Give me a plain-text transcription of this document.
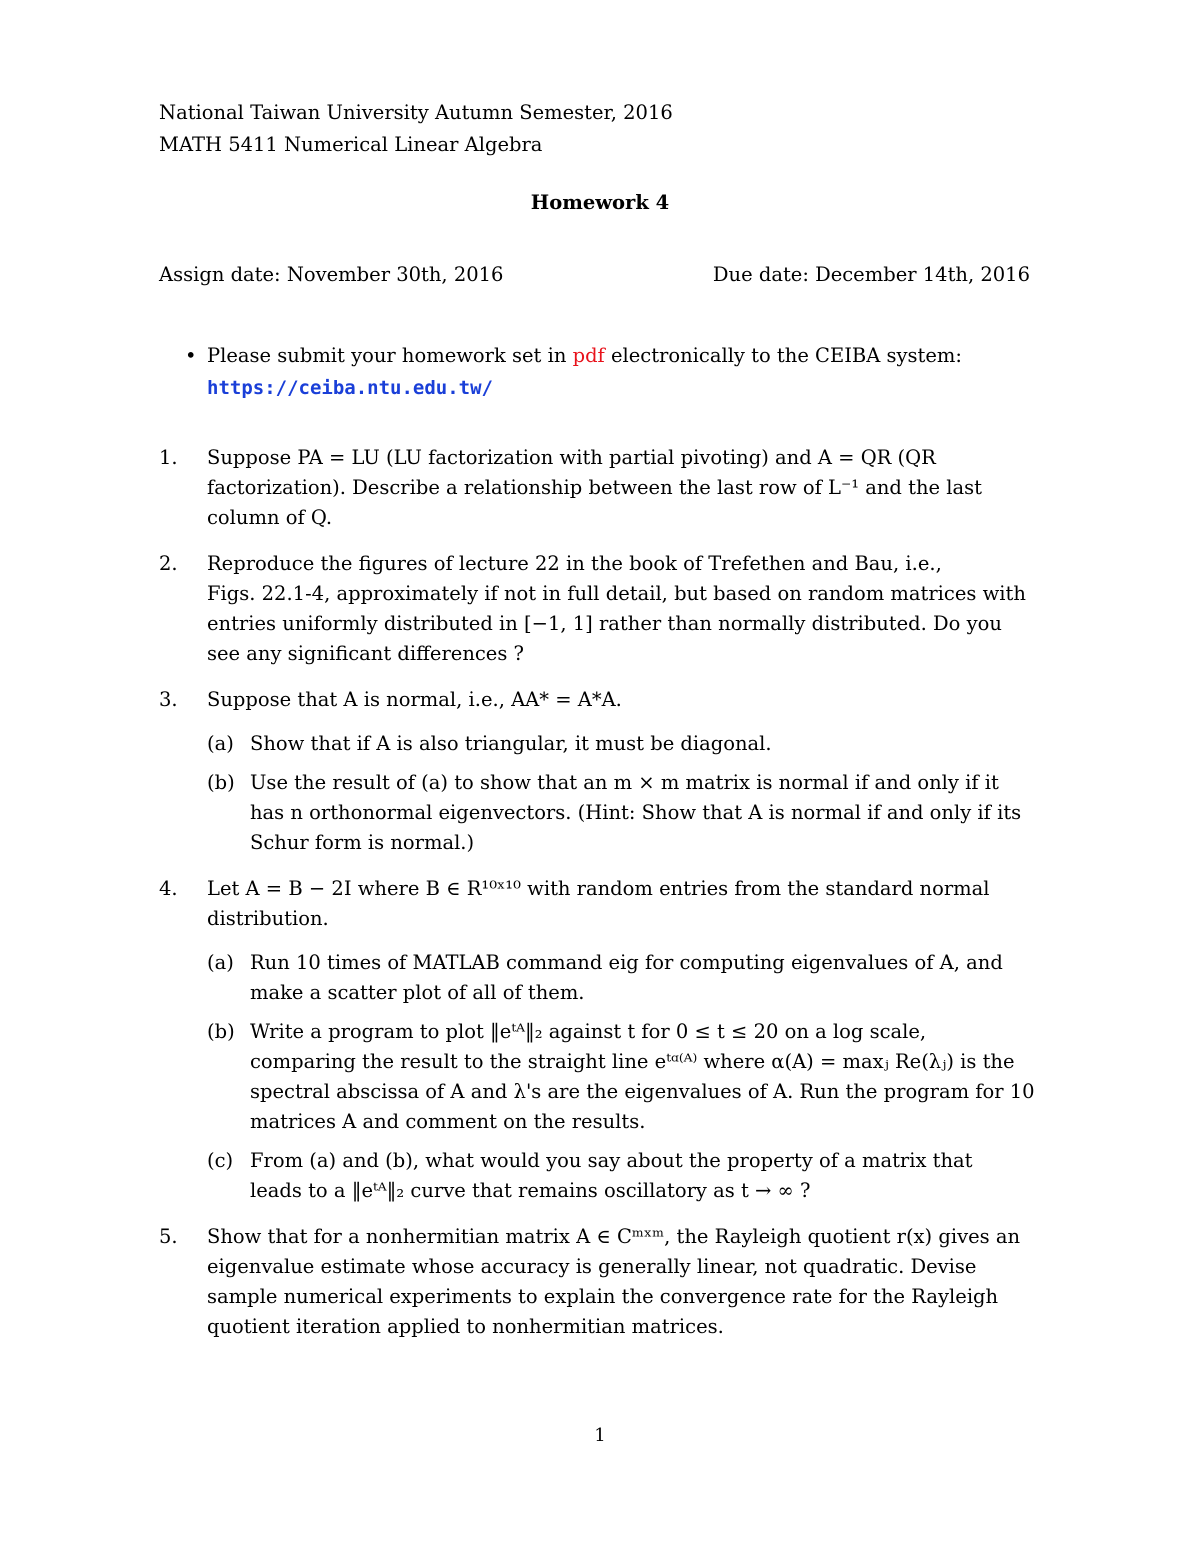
National Taiwan University Autumn Semester, 2016
MATH 5411 Numerical Linear Algebra
Homework 4
Assign date: November 30th, 2016	Due date: December 14th, 2016
• Please submit your homework set in pdf electronically to the CEIBA system:
https://ceiba.ntu.edu.tw/
1. Suppose PA = LU (LU factorization with partial pivoting) and A = QR (QR
factorization). Describe a relationship between the last row of L⁻¹ and the last
column of Q.
2. Reproduce the figures of lecture 22 in the book of Trefethen and Bau, i.e.,
Figs. 22.1-4, approximately if not in full detail, but based on random matrices with
entries uniformly distributed in [−1, 1] rather than normally distributed. Do you
see any significant differences ?
3. Suppose that A is normal, i.e., AA* = A*A.
(a) Show that if A is also triangular, it must be diagonal.
(b) Use the result of (a) to show that an m × m matrix is normal if and only if it
has n orthonormal eigenvectors. (Hint: Show that A is normal if and only if its
Schur form is normal.)
4. Let A = B − 2I where B ∈ R¹⁰ˣ¹⁰ with random entries from the standard normal
distribution.
(a) Run 10 times of MATLAB command eig for computing eigenvalues of A, and
make a scatter plot of all of them.
(b) Write a program to plot ‖eᵗᴬ‖₂ against t for 0 ≤ t ≤ 20 on a log scale,
comparing the result to the straight line eᵗᵅ⁽ᴬ⁾ where α(A) = maxⱼ Re(λⱼ) is the
spectral abscissa of A and λ's are the eigenvalues of A. Run the program for 10
matrices A and comment on the results.
(c) From (a) and (b), what would you say about the property of a matrix that
leads to a ‖eᵗᴬ‖₂ curve that remains oscillatory as t → ∞ ?
5. Show that for a nonhermitian matrix A ∈ Cᵐˣᵐ, the Rayleigh quotient r(x) gives an
eigenvalue estimate whose accuracy is generally linear, not quadratic. Devise
sample numerical experiments to explain the convergence rate for the Rayleigh
quotient iteration applied to nonhermitian matrices.
1
